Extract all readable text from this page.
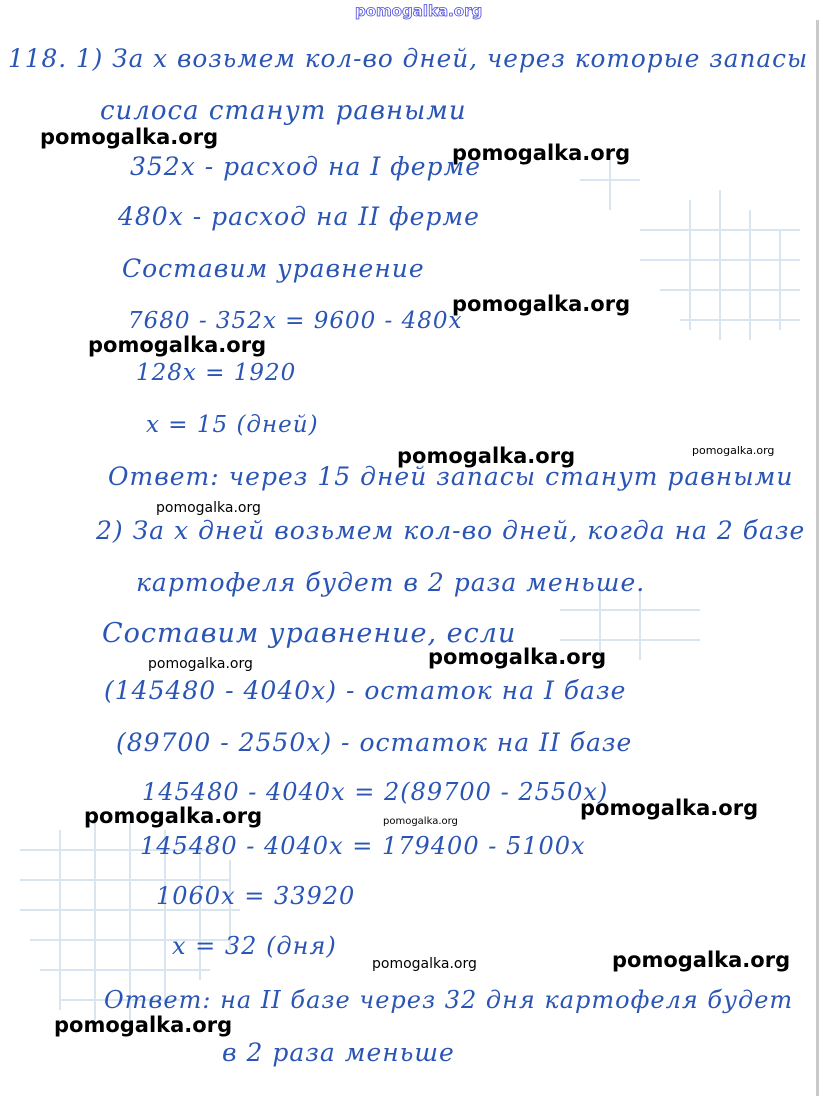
pomogalka.org
118. 1) За x возьмем кол-во дней, через которые запасы
силоса станут равными
352x - расход на I ферме
480x - расход на II ферме
Составим уравнение
7680 - 352x = 9600 - 480x
128x = 1920
x = 15 (дней)
Ответ: через 15 дней запасы станут равными
2) За x дней возьмем кол-во дней, когда на 2 базе
картофеля будет в 2 раза меньше.
Составим уравнение, если
(145480 - 4040x) - остаток на I базе
(89700 - 2550x) - остаток на II базе
145480 - 4040x = 2(89700 - 2550x)
145480 - 4040x = 179400 - 5100x
1060x = 33920
x = 32 (дня)
Ответ: на II базе через 32 дня картофеля будет
в 2 раза меньше
pomogalka.org
pomogalka.org
pomogalka.org
pomogalka.org
pomogalka.org	pomogalka.org
pomogalka.org
pomogalka.org	pomogalka.org
pomogalka.org
pomogalka.org	pomogalka.org
pomogalka.org	pomogalka.org
pomogalka.org
